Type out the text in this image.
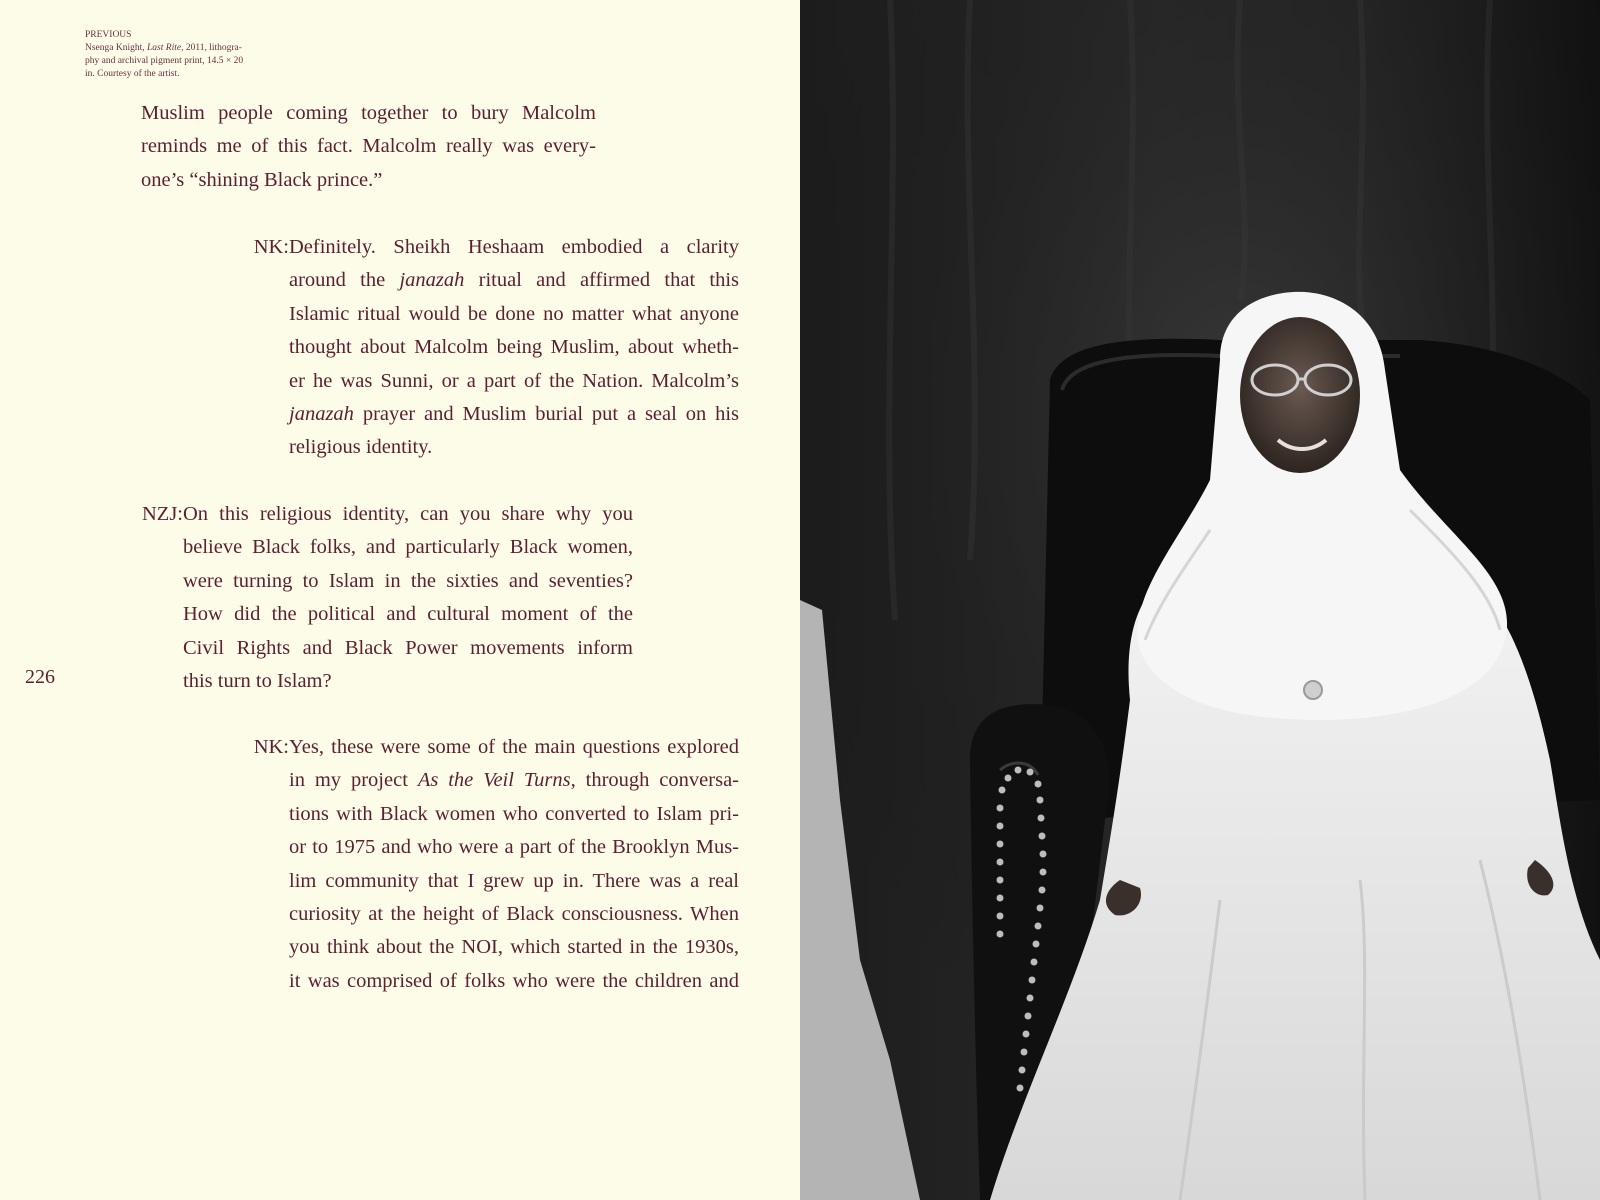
PREVIOUS
Nsenga Knight, Last Rite, 2011, lithogra-
phy and archival pigment print, 14.5 × 20
in. Courtesy of the artist.
Muslim people coming together to bury Malcolm
reminds me of this fact. Malcolm really was every-
one’s “shining Black prince.”
NK: Definitely. Sheikh Heshaam embodied a clarity
around the janazah ritual and affirmed that this
Islamic ritual would be done no matter what anyone
thought about Malcolm being Muslim, about wheth-
er he was Sunni, or a part of the Nation. Malcolm’s
janazah prayer and Muslim burial put a seal on his
religious identity.
NZJ: On this religious identity, can you share why you
believe Black folks, and particularly Black women,
were turning to Islam in the sixties and seventies?
How did the political and cultural moment of the
Civil Rights and Black Power movements inform
this turn to Islam?
226
NK: Yes, these were some of the main questions explored
in my project As the Veil Turns, through conversa-
tions with Black women who converted to Islam pri-
or to 1975 and who were a part of the Brooklyn Mus-
lim community that I grew up in. There was a real
curiosity at the height of Black consciousness. When
you think about the NOI, which started in the 1930s,
it was comprised of folks who were the children and
